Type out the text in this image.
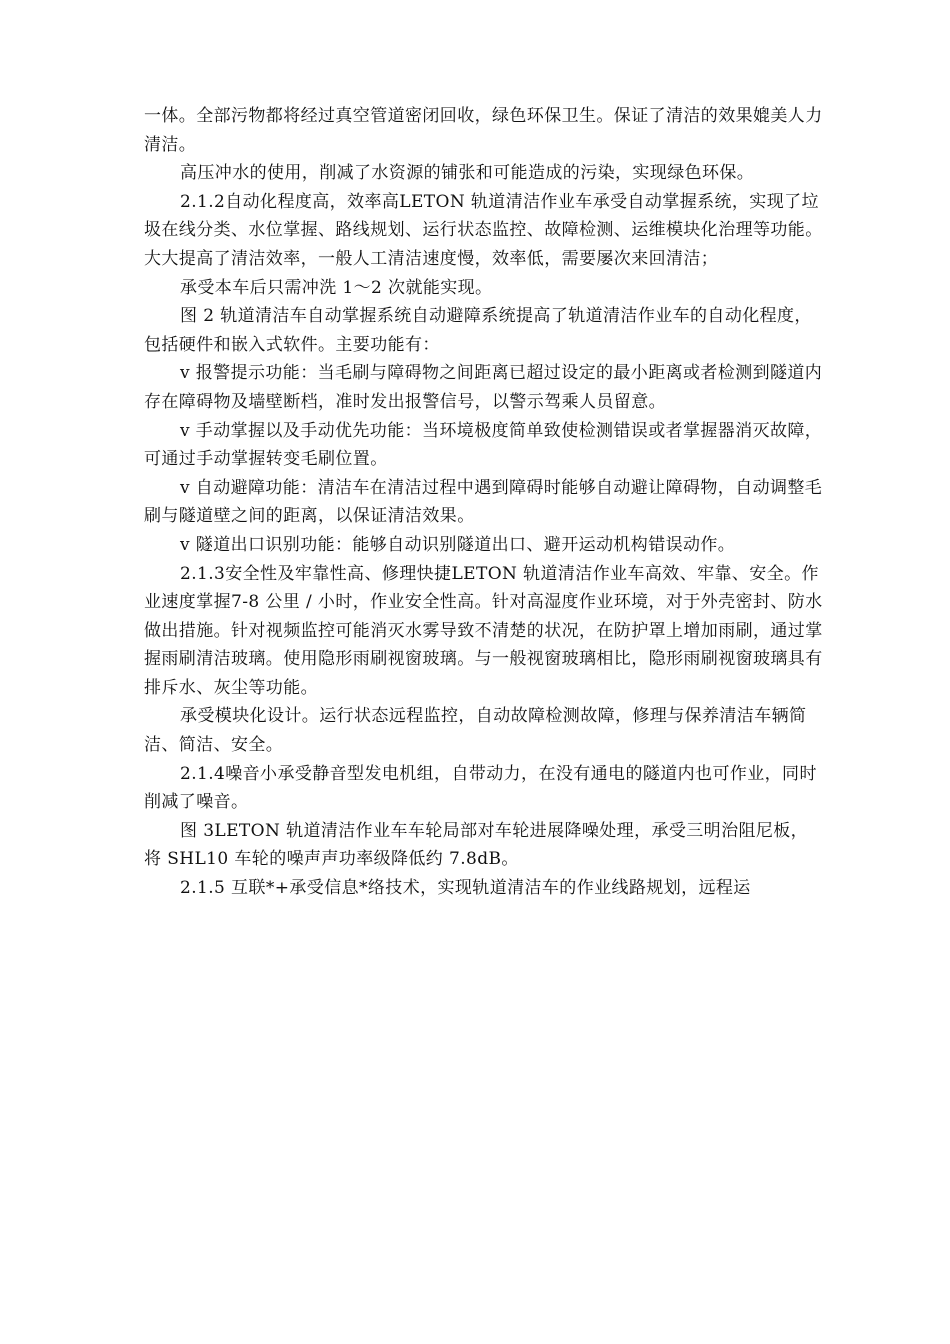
一体。全部污物都将经过真空管道密闭回收，绿色环保卫生。保证了清洁的效果媲美人力清洁。

高压冲水的使用，削减了水资源的铺张和可能造成的污染，实现绿色环保。

2.1.2自动化程度高，效率高LETON 轨道清洁作业车承受自动掌握系统，实现了垃圾在线分类、水位掌握、路线规划、运行状态监控、故障检测、运维模块化治理等功能。大大提高了清洁效率，一般人工清洁速度慢，效率低，需要屡次来回清洁；

承受本车后只需冲洗 1～2 次就能实现。

图 2 轨道清洁车自动掌握系统自动避障系统提高了轨道清洁作业车的自动化程度，包括硬件和嵌入式软件。主要功能有：

v 报警提示功能：当毛刷与障碍物之间距离已超过设定的最小距离或者检测到隧道内存在障碍物及墙壁断档，准时发出报警信号，以警示驾乘人员留意。

v 手动掌握以及手动优先功能：当环境极度简单致使检测错误或者掌握器消灭故障，可通过手动掌握转变毛刷位置。

v 自动避障功能：清洁车在清洁过程中遇到障碍时能够自动避让障碍物，自动调整毛刷与隧道壁之间的距离，以保证清洁效果。

v 隧道出口识别功能：能够自动识别隧道出口、避开运动机构错误动作。

2.1.3安全性及牢靠性高、修理快捷LETON 轨道清洁作业车高效、牢靠、安全。作业速度掌握7-8 公里 / 小时，作业安全性高。针对高湿度作业环境，对于外壳密封、防水做出措施。针对视频监控可能消灭水雾导致不清楚的状况，在防护罩上增加雨刷，通过掌握雨刷清洁玻璃。使用隐形雨刷视窗玻璃。与一般视窗玻璃相比，隐形雨刷视窗玻璃具有排斥水、灰尘等功能。

承受模块化设计。运行状态远程监控，自动故障检测故障，修理与保养清洁车辆简洁、简洁、安全。

2.1.4噪音小承受静音型发电机组，自带动力，在没有通电的隧道内也可作业，同时削减了噪音。

图 3LETON 轨道清洁作业车车轮局部对车轮进展降噪处理，承受三明治阻尼板，将 SHL10 车轮的噪声声功率级降低约 7.8dB。

2.1.5 互联*+承受信息*络技术，实现轨道清洁车的作业线路规划，远程运
